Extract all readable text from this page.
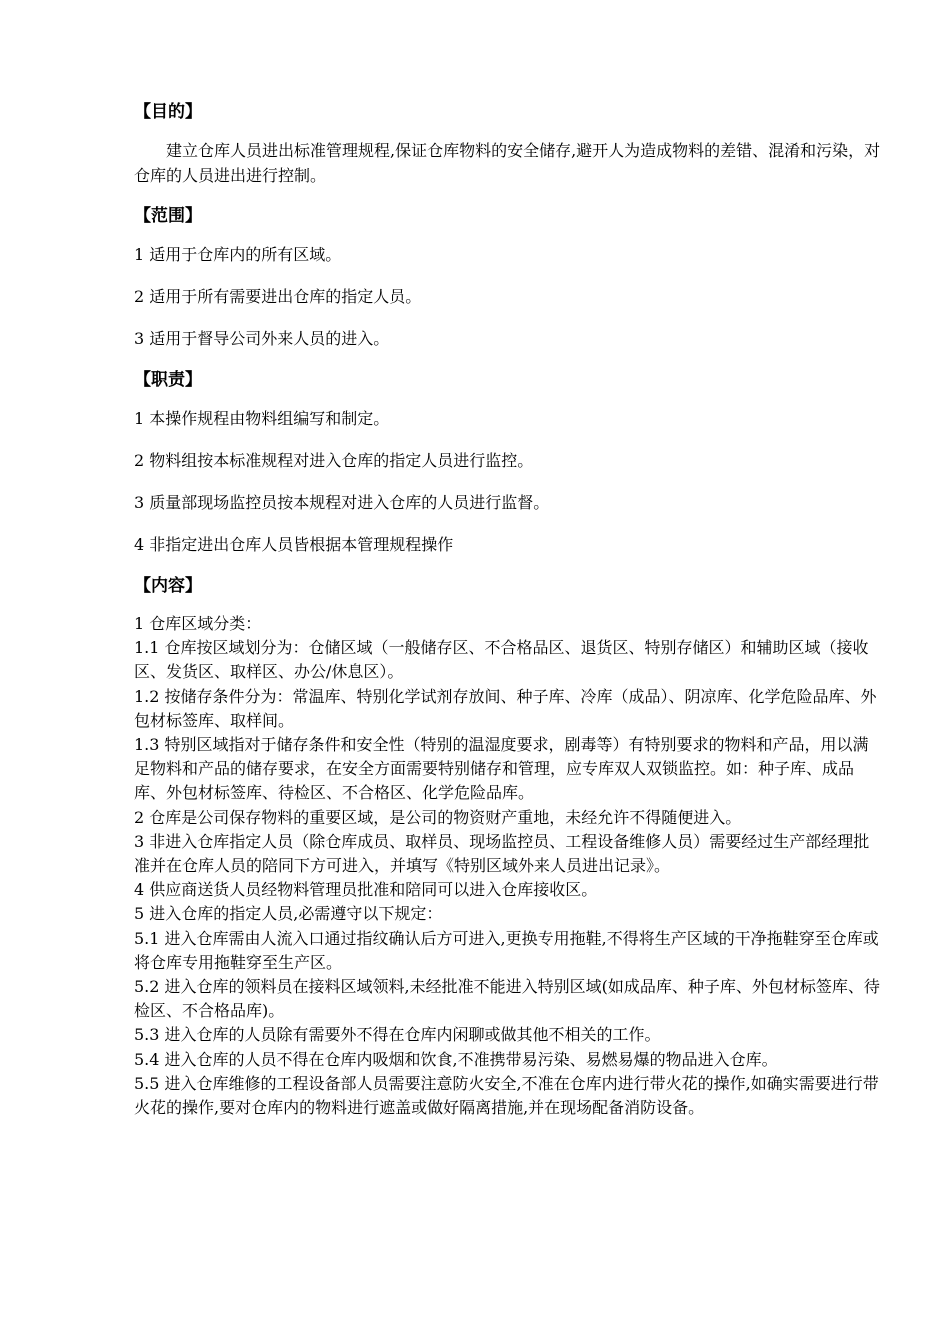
【目的】

建立仓库人员进出标准管理规程,保证仓库物料的安全储存,避开人为造成物料的差错、混淆和污染，对仓库的人员进出进行控制。

【范围】

1 适用于仓库内的所有区域。

2 适用于所有需要进出仓库的指定人员。

3 适用于督导公司外来人员的进入。

【职责】

1 本操作规程由物料组编写和制定。

2 物料组按本标准规程对进入仓库的指定人员进行监控。

3 质量部现场监控员按本规程对进入仓库的人员进行监督。

4 非指定进出仓库人员皆根据本管理规程操作

【内容】

1 仓库区域分类：

1.1 仓库按区域划分为：仓储区域（一般储存区、不合格品区、退货区、特别存储区）和辅助区域（接收区、发货区、取样区、办公/休息区）。

1.2 按储存条件分为：常温库、特别化学试剂存放间、种子库、冷库（成品）、阴凉库、化学危险品库、外包材标签库、取样间。

1.3 特别区域指对于储存条件和安全性（特别的温湿度要求，剧毒等）有特别要求的物料和产品，用以满足物料和产品的储存要求，在安全方面需要特别储存和管理，应专库双人双锁监控。如：种子库、成品库、外包材标签库、待检区、不合格区、化学危险品库。

2 仓库是公司保存物料的重要区域，是公司的物资财产重地，未经允许不得随便进入。

3 非进入仓库指定人员（除仓库成员、取样员、现场监控员、工程设备维修人员）需要经过生产部经理批准并在仓库人员的陪同下方可进入，并填写《特别区域外来人员进出记录》。

4 供应商送货人员经物料管理员批准和陪同可以进入仓库接收区。

5 进入仓库的指定人员,必需遵守以下规定：

5.1 进入仓库需由人流入口通过指纹确认后方可进入,更换专用拖鞋,不得将生产区域的干净拖鞋穿至仓库或将仓库专用拖鞋穿至生产区。

5.2 进入仓库的领料员在接料区域领料,未经批准不能进入特别区域(如成品库、种子库、外包材标签库、待检区、不合格品库)。

5.3 进入仓库的人员除有需要外不得在仓库内闲聊或做其他不相关的工作。

5.4 进入仓库的人员不得在仓库内吸烟和饮食,不准携带易污染、易燃易爆的物品进入仓库。

5.5 进入仓库维修的工程设备部人员需要注意防火安全,不准在仓库内进行带火花的操作,如确实需要进行带火花的操作,要对仓库内的物料进行遮盖或做好隔离措施,并在现场配备消防设备。
